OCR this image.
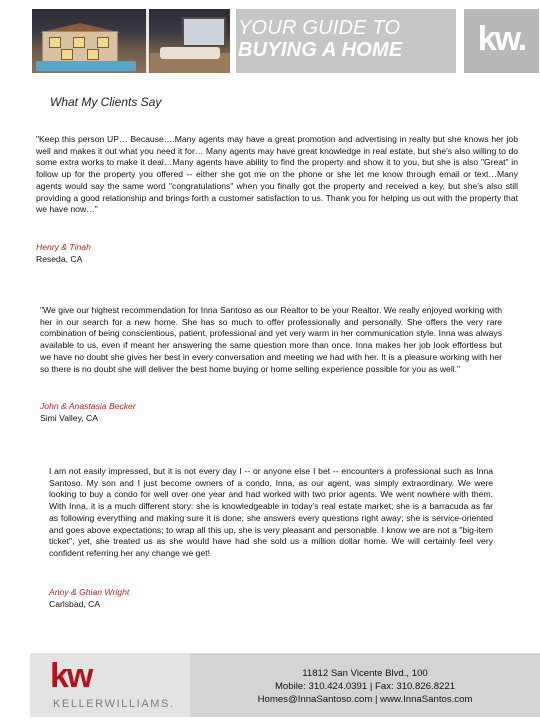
YOUR GUIDE TO
BUYING A HOME	kw.
What My Clients Say
"Keep this person UP… Because….Many agents may have a great promotion and advertising in realty but she knows her job well and makes it out what you need it for… Many agents may have great knowledge in real estate, but she's also willing to do some extra works to make it deal…Many agents have ability to find the property and show it to you, but she is also "Great" in follow up for the property you offered -- either she got me on the phone or she let me know through email or text…Many agents would say the same word "congratulations" when you finally got the property and received a key, but she's also still providing a good relationship and brings forth a customer satisfaction to us. Thank you for helping us out with the property that we have now…"
Henry & Tinah
Reseda, CA
"We give our highest recommendation for Inna Santoso as our Realtor to be your Realtor. We really enjoyed working with her in our search for a new home. She has so much to offer professionally and personally. She offers the very rare combination of being conscientious, patient, professional and yet very warm in her communication style. Inna was always available to us, even if meant her answering the same question more than once. Inna makes her job look effortless but we have no doubt she gives her best in every conversation and meeting we had with her. It is a pleasure working with her so there is no doubt she will deliver the best home buying or home selling experience possible for you as well."
John & Anastasia Becker
Simi Valley, CA
I am not easily impressed, but it is not every day I -- or anyone else I bet -- encounters a professional such as Inna Santoso. My son and I just become owners of a condo, Inna, as our agent, was simply extraordinary. We were looking to buy a condo for well over one year and had worked with two prior agents. We went nowhere with them. With Inna, it is a much different story: she is knowledgeable in today's real estate market; she is a barracuda as far as following everything and making sure it is done; she answers every questions right away; she is service-oriented and goes above expectations; to wrap all this up, she is very pleasant and personable. I know we are not a "big-item ticket", yet, she treated us as she would have had she sold us a million dollar home. We will certainly feel very confident referring her any change we get!
Anny & Ghian Wright
Carlsbad, CA
kw
KELLERWILLIAMS.
11812 San Vicente Blvd., 100
Mobile: 310.424.0391 | Fax: 310.826.8221
Homes@InnaSantoso.com | www.InnaSantos.com
